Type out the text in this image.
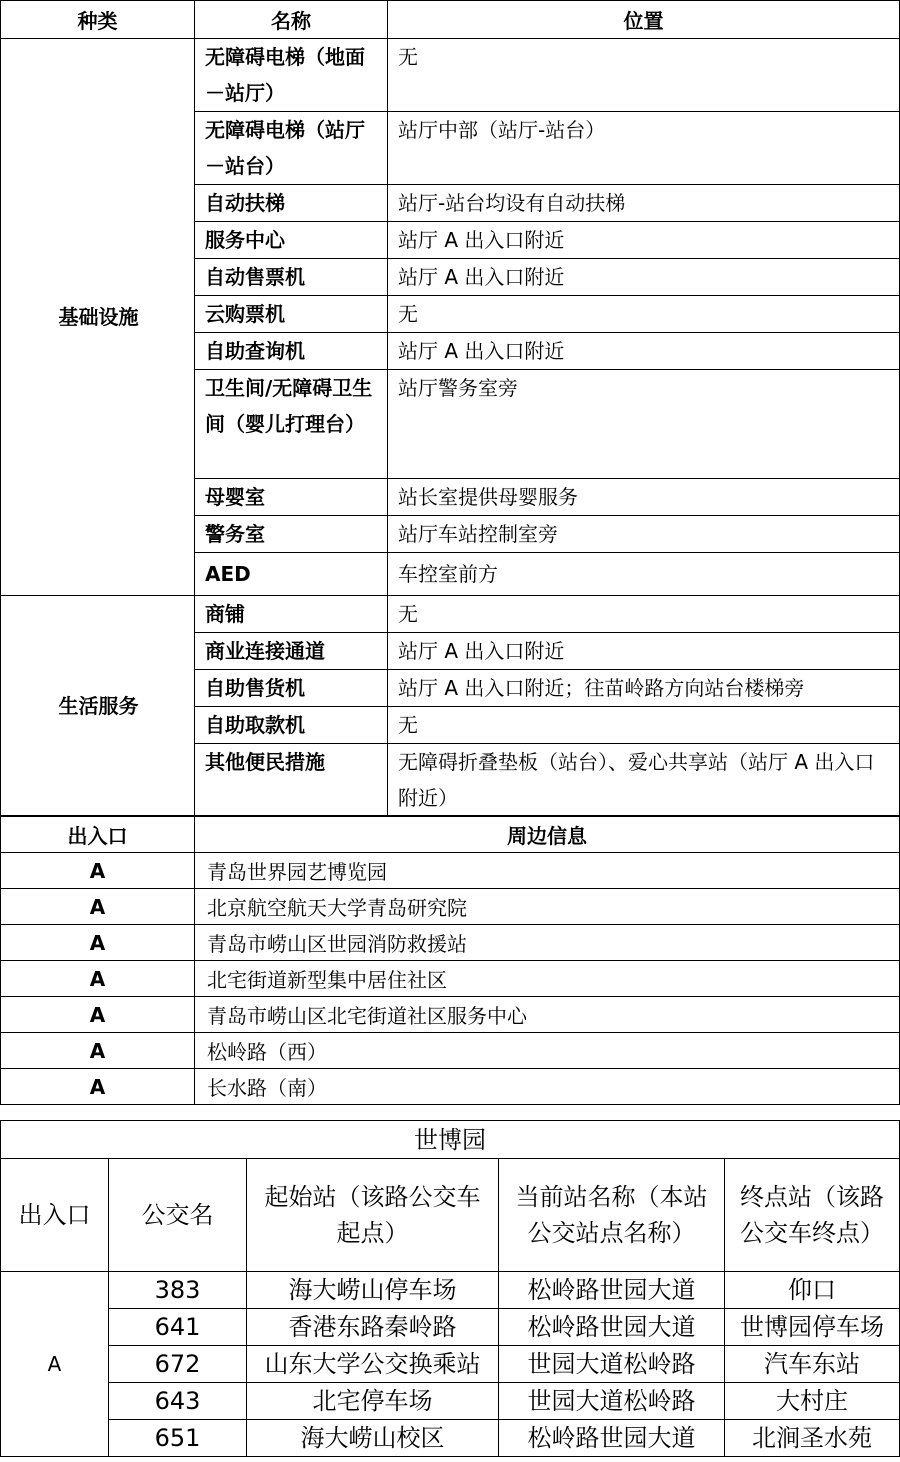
种类	名称	位置
基础设施	无障碍电梯（地面－站厅）	无
	无障碍电梯（站厅－站台）	站厅中部（站厅-站台）
	自动扶梯	站厅-站台均设有自动扶梯
	服务中心	站厅 A 出入口附近
	自动售票机	站厅 A 出入口附近
	云购票机	无
	自助查询机	站厅 A 出入口附近
	卫生间/无障碍卫生间（婴儿打理台）	站厅警务室旁
	母婴室	站长室提供母婴服务
	警务室	站厅车站控制室旁
	AED	车控室前方
生活服务	商铺	无
	商业连接通道	站厅 A 出入口附近
	自助售货机	站厅 A 出入口附近；往苗岭路方向站台楼梯旁
	自助取款机	无
	其他便民措施	无障碍折叠垫板（站台）、爱心共享站（站厅 A 出入口附近）
出入口	周边信息
A	青岛世界园艺博览园
A	北京航空航天大学青岛研究院
A	青岛市崂山区世园消防救援站
A	北宅街道新型集中居住社区
A	青岛市崂山区北宅街道社区服务中心
A	松岭路（西）
A	长水路（南）
世博园				
出入口	公交名	起始站（该路公交车起点）	当前站名称（本站公交站点名称）	终点站（该路公交车终点）
A	383	海大崂山停车场	松岭路世园大道	仰口
	641	香港东路秦岭路	松岭路世园大道	世博园停车场
	672	山东大学公交换乘站	世园大道松岭路	汽车东站
	643	北宅停车场	世园大道松岭路	大村庄
	651	海大崂山校区	松岭路世园大道	北涧圣水苑
